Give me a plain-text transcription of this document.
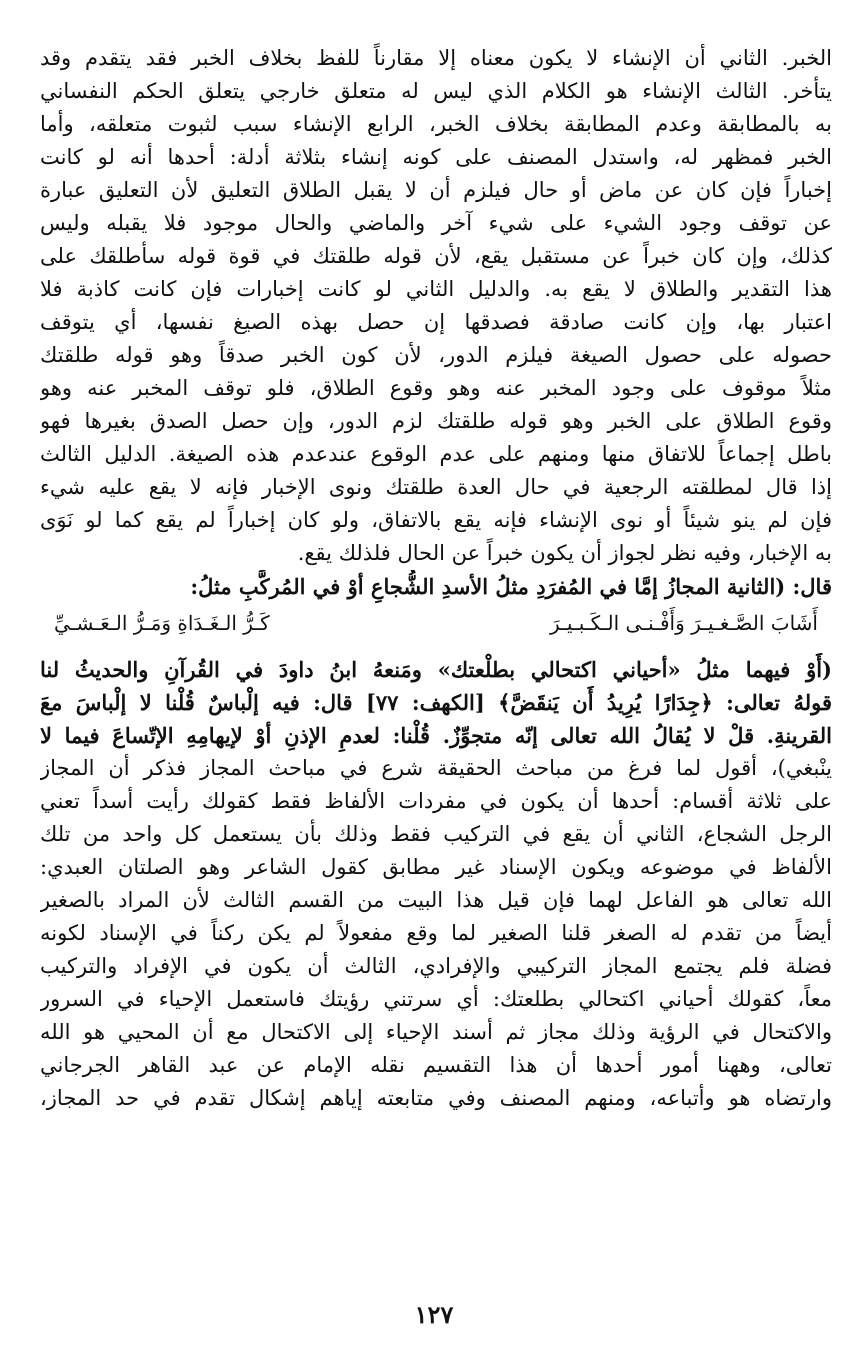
الخبر. الثاني أن الإنشاء لا يكون معناه إلا مقارناً للفظ بخلاف الخبر فقد يتقدم وقد
يتأخر. الثالث الإنشاء هو الكلام الذي ليس له متعلق خارجي يتعلق الحكم النفساني
به بالمطابقة وعدم المطابقة بخلاف الخبر، الرابع الإنشاء سبب لثبوت متعلقه، وأما
الخبر فمظهر له، واستدل المصنف على كونه إنشاء بثلاثة أدلة: أحدها أنه لو كانت
إخباراً فإن كان عن ماض أو حال فيلزم أن لا يقبل الطلاق التعليق لأن التعليق عبارة
عن توقف وجود الشيء على شيء آخر والماضي والحال موجود فلا يقبله وليس
كذلك، وإن كان خبراً عن مستقبل يقع، لأن قوله طلقتك في قوة قوله سأطلقك على
هذا التقدير والطلاق لا يقع به. والدليل الثاني لو كانت إخبارات فإن كانت كاذبة فلا
اعتبار بها، وإن كانت صادقة فصدقها إن حصل بهذه الصيغ نفسها، أي يتوقف
حصوله على حصول الصيغة فيلزم الدور، لأن كون الخبر صدقاً وهو قوله طلقتك
مثلاً موقوف على وجود المخبر عنه وهو وقوع الطلاق، فلو توقف المخبر عنه وهو
وقوع الطلاق على الخبر وهو قوله طلقتك لزم الدور، وإن حصل الصدق بغيرها فهو
باطل إجماعاً للاتفاق منها ومنهم على عدم الوقوع عندعدم هذه الصيغة. الدليل الثالث
إذا قال لمطلقته الرجعية في حال العدة طلقتك ونوى الإخبار فإنه لا يقع عليه شيء
فإن لم ينو شيئاً أو نوى الإنشاء فإنه يقع بالاتفاق، ولو كان إخباراً لم يقع كما لو نَوَى
به الإخبار، وفيه نظر لجواز أن يكون خبراً عن الحال فلذلك يقع.
قال: (الثانية المجازُ إمَّا في المُفرَدِ مثلُ الأسدِ الشُّجاعِ أوْ في المُركَّبِ مثلُ:
أَشَابَ الصَّـغـيـرَ وَأَفْـنـى الـكَـبـيـرَ
كَـرُّ الـغَـدَاةِ وَمَـرُّ الـعَـشـيِّ
(أَوْ فيهما مثلُ «أحياني اكتحالي بطلْعتك» ومَنعهُ ابنُ داودَ في القُرآنِ والحديثُ لنا
قولهُ تعالى: ﴿جِدَارًا يُرِيدُ أَن يَنقَضَّ﴾ [الكهف: ٧٧] قال: فيه إلْباسٌ قُلْنا لا إلْباسَ معَ
القرينةِ. قلْ لا يُقالُ الله تعالى إنّه متجوِّزٌ. قُلْنا: لعدمِ الإذنِ أوْ لإيهامِهِ الإتّساعَ فيما لا
ينْبغي)، أقول لما فرغ من مباحث الحقيقة شرع في مباحث المجاز فذكر أن المجاز
على ثلاثة أقسام: أحدها أن يكون في مفردات الألفاظ فقط كقولك رأيت أسداً تعني
الرجل الشجاع، الثاني أن يقع في التركيب فقط وذلك بأن يستعمل كل واحد من تلك
الألفاظ في موضوعه ويكون الإسناد غير مطابق كقول الشاعر وهو الصلتان العبدي:
الله تعالى هو الفاعل لهما فإن قيل هذا البيت من القسم الثالث لأن المراد بالصغير
أيضاً من تقدم له الصغر قلنا الصغير لما وقع مفعولاً لم يكن ركناً في الإسناد لكونه
فضلة فلم يجتمع المجاز التركيبي والإفرادي، الثالث أن يكون في الإفراد والتركيب
معاً، كقولك أحياني اكتحالي بطلعتك: أي سرتني رؤيتك فاستعمل الإحياء في السرور
والاكتحال في الرؤية وذلك مجاز ثم أسند الإحياء إلى الاكتحال مع أن المحيي هو الله
تعالى، وههنا أمور أحدها أن هذا التقسيم نقله الإمام عن عبد القاهر الجرجاني
وارتضاه هو وأتباعه، ومنهم المصنف وفي متابعته إياهم إشكال تقدم في حد المجاز،
١٢٧
